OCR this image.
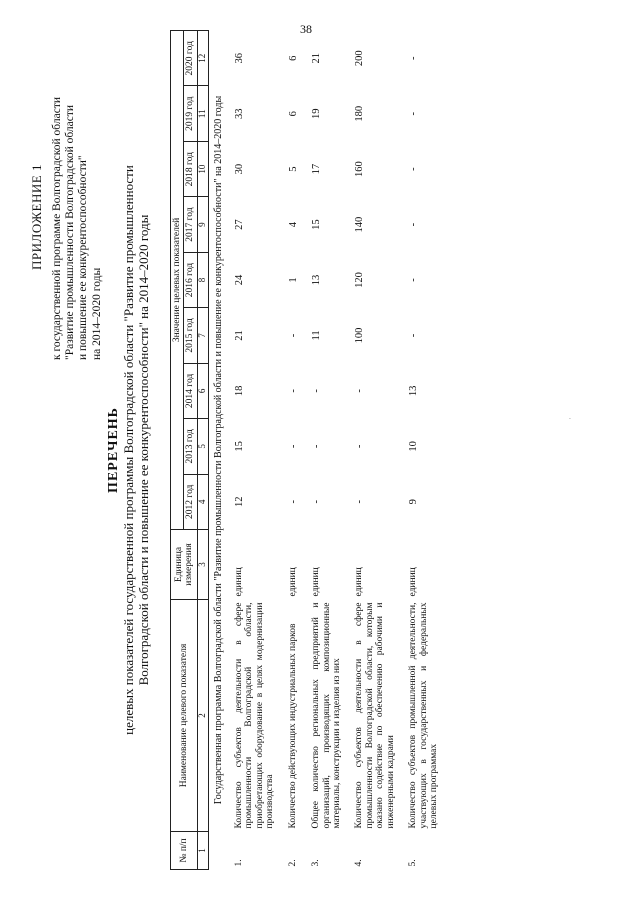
38
ПРИЛОЖЕНИЕ 1 к государственной программе Волгоградской области "Развитие промышленности Волгоградской области и повышение ее конкурентоспособности" на 2014–2020 годы
ПЕРЕЧЕНЬ целевых показателей государственной программы Волгоградской области "Развитие промышленности Волгоградской области и повышение ее конкурентоспособности" на 2014–2020 годы
№ п/п	Наименование целевого показателя	Единица измерения	Значение целевых показателей								
			2012 год	2013 год	2014 год	2015 год	2016 год	2017 год	2018 год	2019 год	2020 год
1	2	3	4	5	6	7	8	9	10	11	12
Государственная программа Волгоградской области "Развитие промышленности Волгоградской области и повышение ее конкурентоспособности" на 2014–2020 годы											
1.	Количество субъектов деятельности в сфере промышленности Волгоградской области, приобретающих оборудование в целях модернизации производства	единиц	12	15	18	21	24	27	30	33	36
2.	Количество действующих индустриальных парков	единиц	-	-	-	-	1	4	5	6	6
3.	Общее количество региональных предприятий и организаций, производящих композиционные материалы, конструкции и изделия из них	единиц	-	-	-	11	13	15	17	19	21
4.	Количество субъектов деятельности в сфере промышленности Волгоградской области, которым оказано содействие по обеспечению рабочими и инженерными кадрами	единиц	-	-	-	100	120	140	160	180	200
5.	Количество субъектов промышленной деятельности, участвующих в государственных и федеральных целевых программах	единиц	9	10	13	-	-	-	-	-	-
·
